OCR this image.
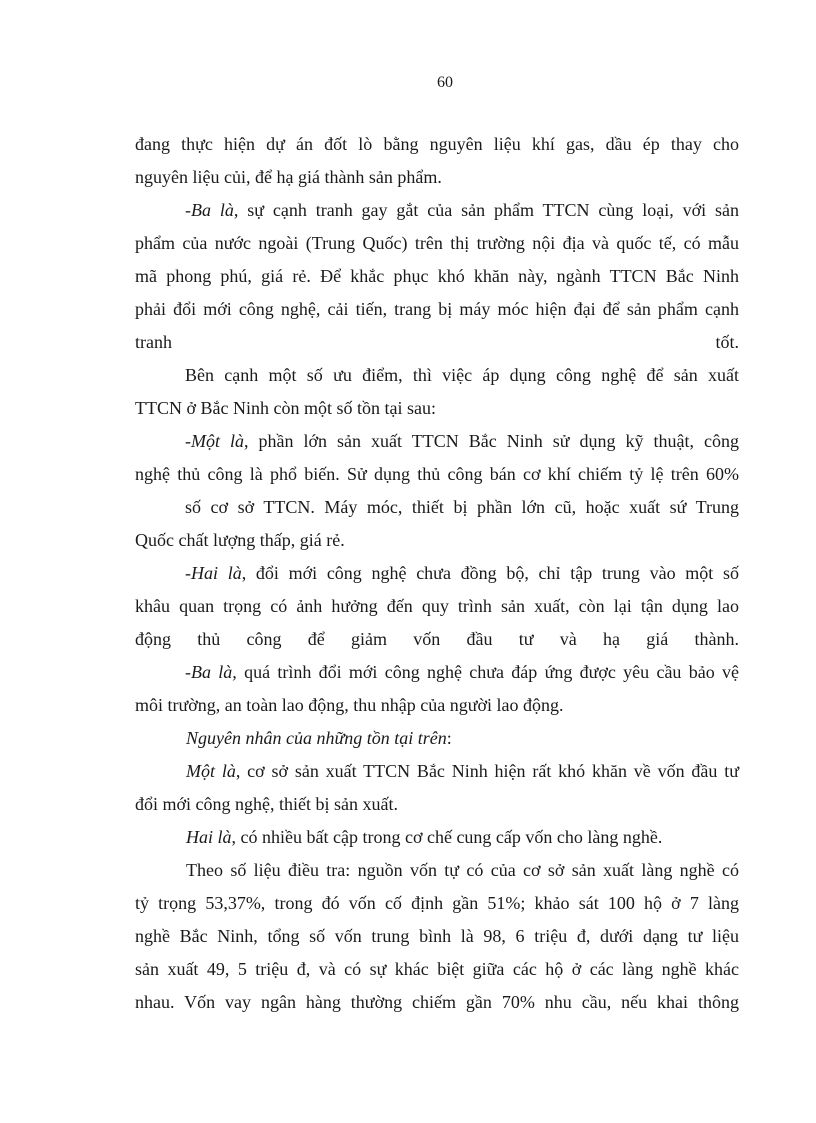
60
đang thực hiện dự án đốt lò bằng nguyên liệu khí gas, dầu ép thay cho
nguyên liệu củi, để hạ giá thành sản phẩm.
-Ba là, sự cạnh tranh gay gắt của sản phẩm TTCN cùng loại, với sản
phẩm của nước ngoài (Trung Quốc) trên thị trường nội địa và quốc tế, có mẫu
mã phong phú, giá rẻ. Để khắc phục khó khăn này, ngành TTCN Bắc Ninh
phải đổi mới công nghệ, cải tiến, trang bị máy móc hiện đại để sản phẩm cạnh
tranh tốt.
Bên cạnh một số ưu điểm, thì việc áp dụng công nghệ để sản xuất
TTCN ở Bắc Ninh còn một số tồn tại sau:
-Một là, phần lớn sản xuất TTCN Bắc Ninh sử dụng kỹ thuật, công
nghệ thủ công là phổ biến. Sử dụng thủ công bán cơ khí chiếm tỷ lệ trên 60%
số cơ sở TTCN. Máy móc, thiết bị phần lớn cũ, hoặc xuất sứ Trung
Quốc chất lượng thấp, giá rẻ.
-Hai là, đổi mới công nghệ chưa đồng bộ, chỉ tập trung vào một số
khâu quan trọng có ảnh hưởng đến quy trình sản xuất, còn lại tận dụng lao
động thủ công để giảm vốn đầu tư và hạ giá thành.
-Ba là, quá trình đổi mới công nghệ chưa đáp ứng được yêu cầu bảo vệ
môi trường, an toàn lao động, thu nhập của người lao động.
Nguyên nhân của những tồn tại trên:
Một là, cơ sở sản xuất TTCN Bắc Ninh hiện rất khó khăn về vốn đầu tư
đổi mới công nghệ, thiết bị sản xuất.
Hai là, có nhiều bất cập trong cơ chế cung cấp vốn cho làng nghề.
Theo số liệu điều tra: nguồn vốn tự có của cơ sở sản xuất làng nghề có
tỷ trọng 53,37%, trong đó vốn cố định gần 51%; khảo sát 100 hộ ở 7 làng
nghề Bắc Ninh, tổng số vốn trung bình là 98, 6 triệu đ, dưới dạng tư liệu
sản xuất 49, 5 triệu đ, và có sự khác biệt giữa các hộ ở các làng nghề khác
nhau. Vốn vay ngân hàng thường chiếm gần 70% nhu cầu, nếu khai thông
